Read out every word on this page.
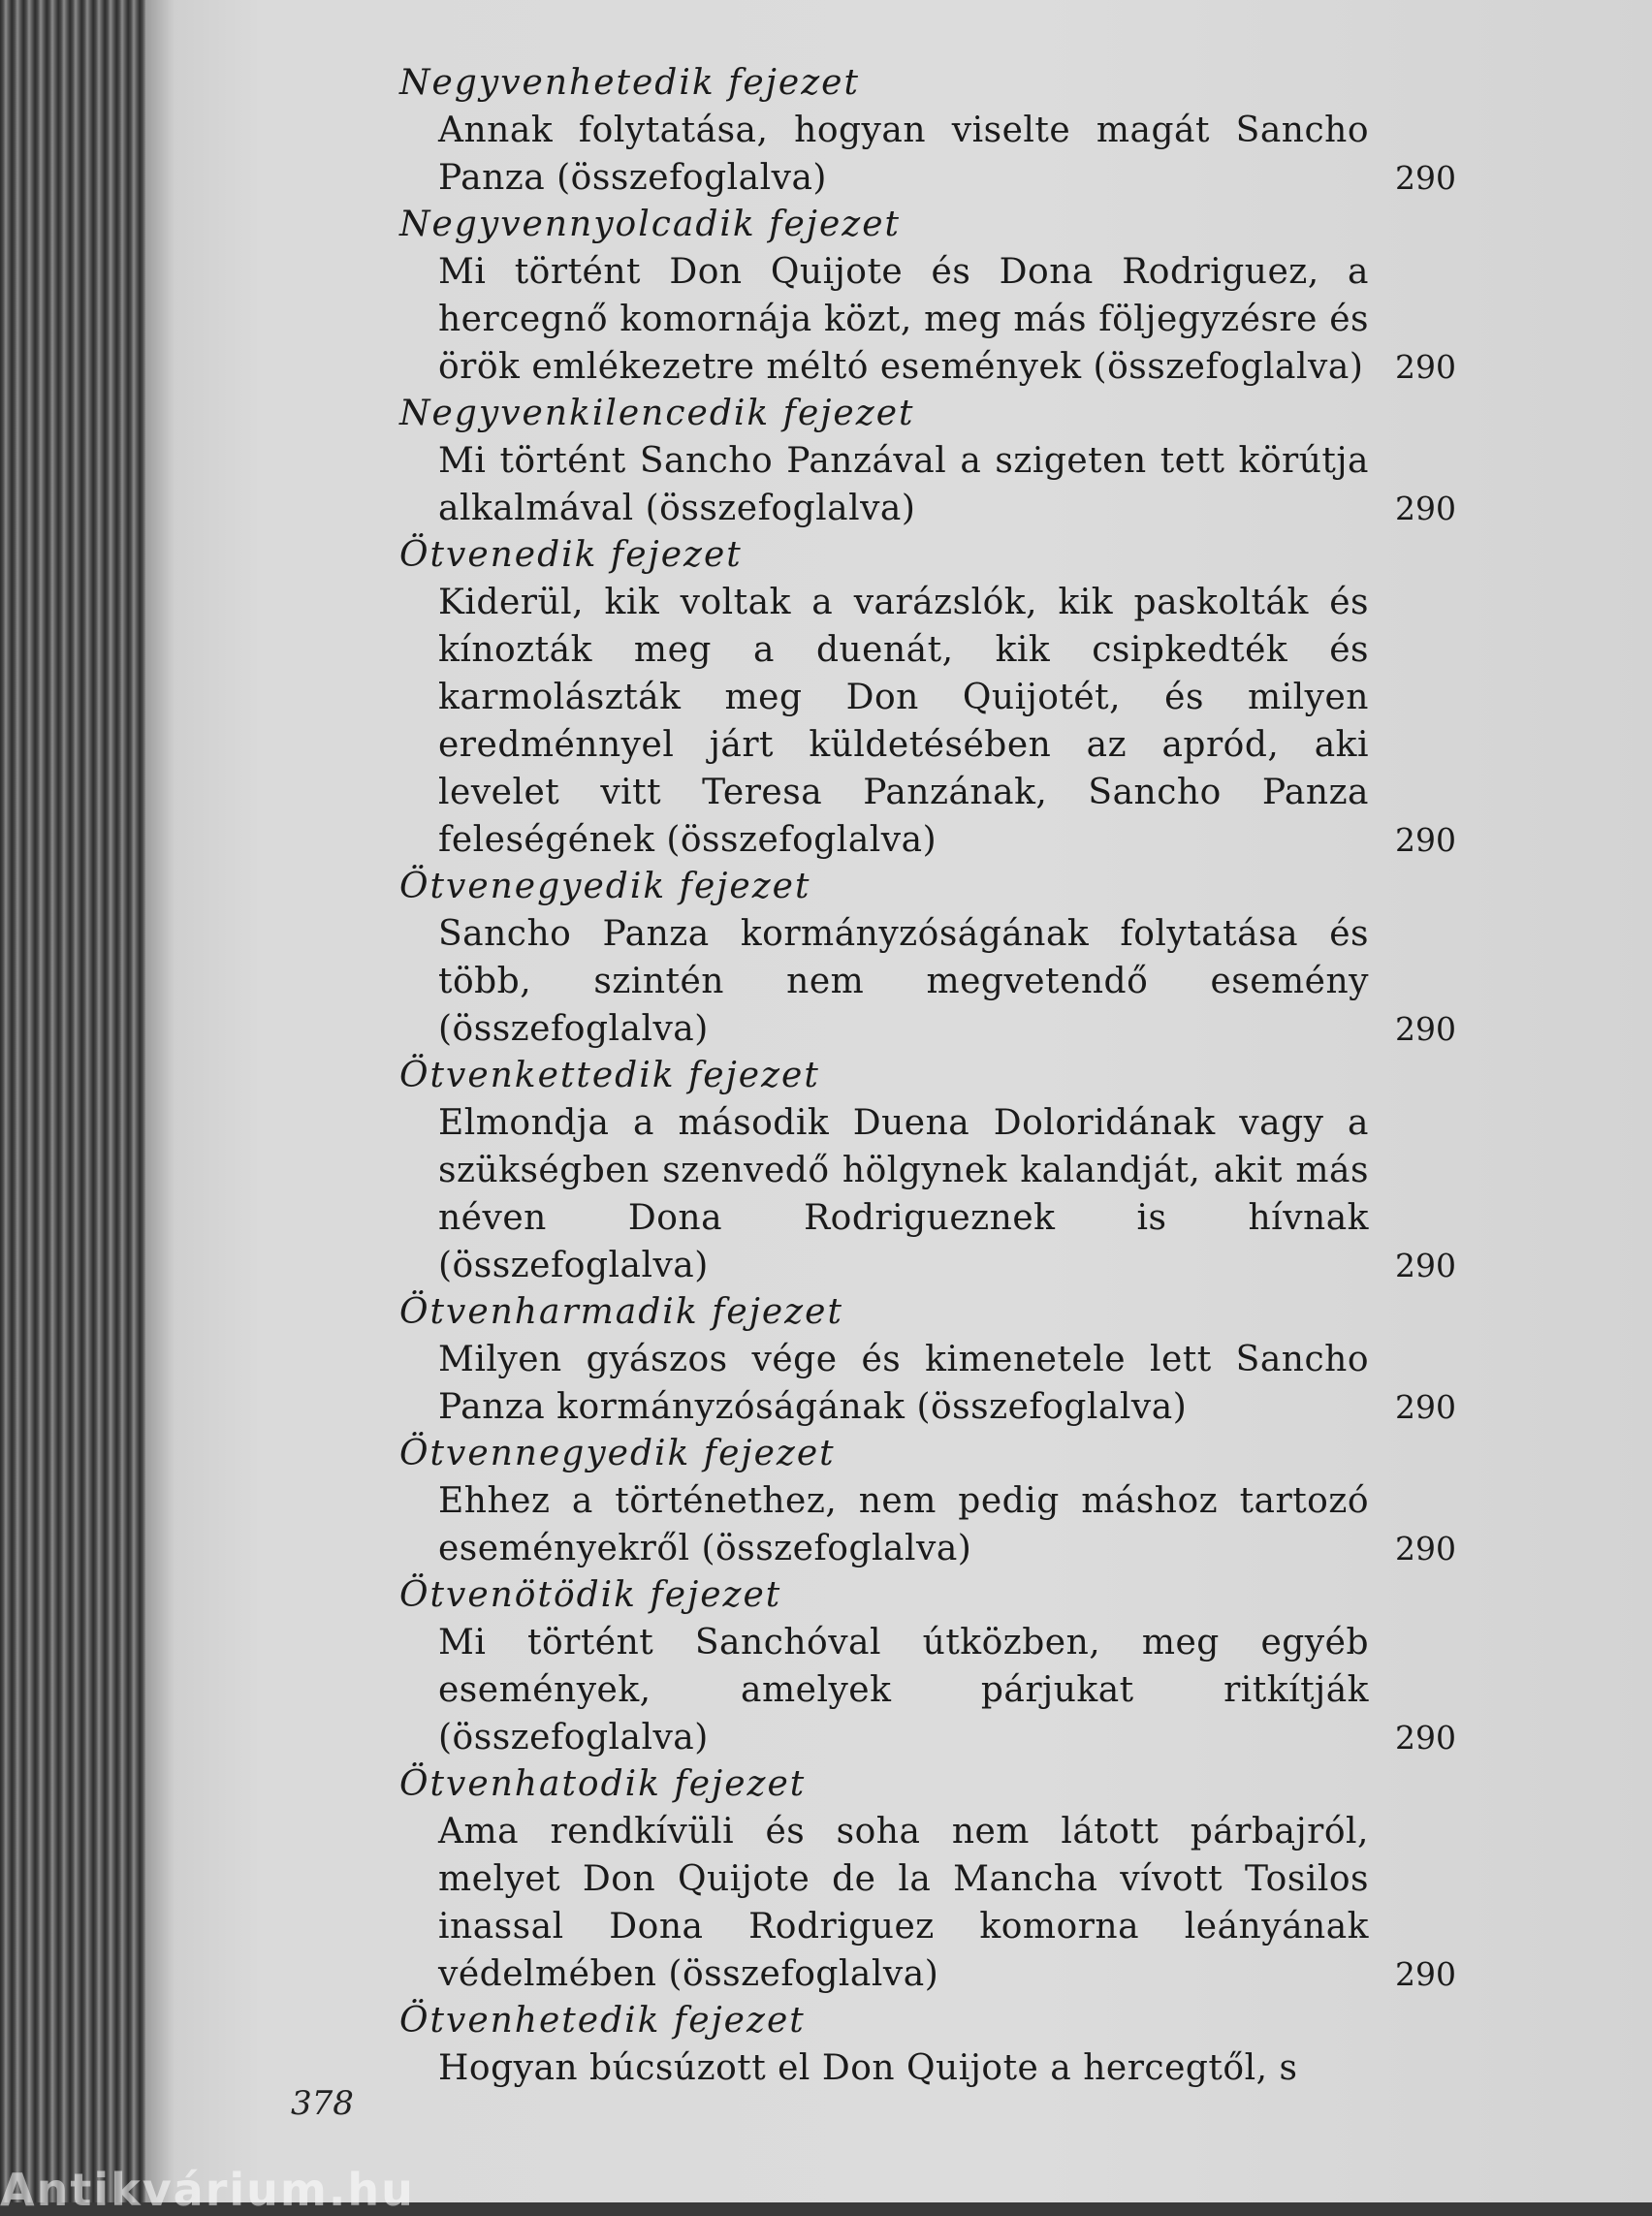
Negyvenhetedik fejezet

Annak folytatása, hogyan viselte magát Sancho Panza (összefoglalva)	290
Negyvennyolcadik fejezet

Mi történt Don Quijote és Dona Rodriguez, a hercegnő komornája közt, meg más följegyzésre és örök emlékezetre méltó események (összefoglalva) 290
Negyvenkilencedik fejezet

Mi történt Sancho Panzával a szigeten tett körútja alkalmával (összefoglalva)	290
Ötvenedik fejezet

Kiderül, kik voltak a varázslók, kik paskolták és kínozták meg a duenát, kik csipkedték és karmolászták meg Don Quijotét, és milyen eredménnyel járt küldetésében az apród, aki levelet vitt Teresa Panzának, Sancho Panza feleségének (összefoglalva)	290
Ötvenegyedik fejezet

Sancho Panza kormányzóságának folytatása és több, szintén nem megvetendő esemény (összefoglalva)	290
Ötvenkettedik fejezet

Elmondja a második Duena Doloridának vagy a szükségben szenvedő hölgynek kalandját, akit más néven Dona Rodrigueznek is hívnak (összefoglalva)	290
Ötvenharmadik fejezet

Milyen gyászos vége és kimenetele lett Sancho Panza kormányzóságának (összefoglalva)	290
Ötvennegyedik fejezet

Ehhez a történethez, nem pedig máshoz tartozó eseményekről (összefoglalva)	290
Ötvenötödik fejezet

Mi történt Sanchóval útközben, meg egyéb események, amelyek párjukat ritkítják (összefoglalva)	290
Ötvenhatodik fejezet

Ama rendkívüli és soha nem látott párbajról, melyet Don Quijote de la Mancha vívott Tosilos inassal Dona Rodriguez komorna leányának védelmében (összefoglalva)	290
Ötvenhetedik fejezet

Hogyan búcsúzott el Don Quijote a hercegtől, s

378
Antikvárium.hu
